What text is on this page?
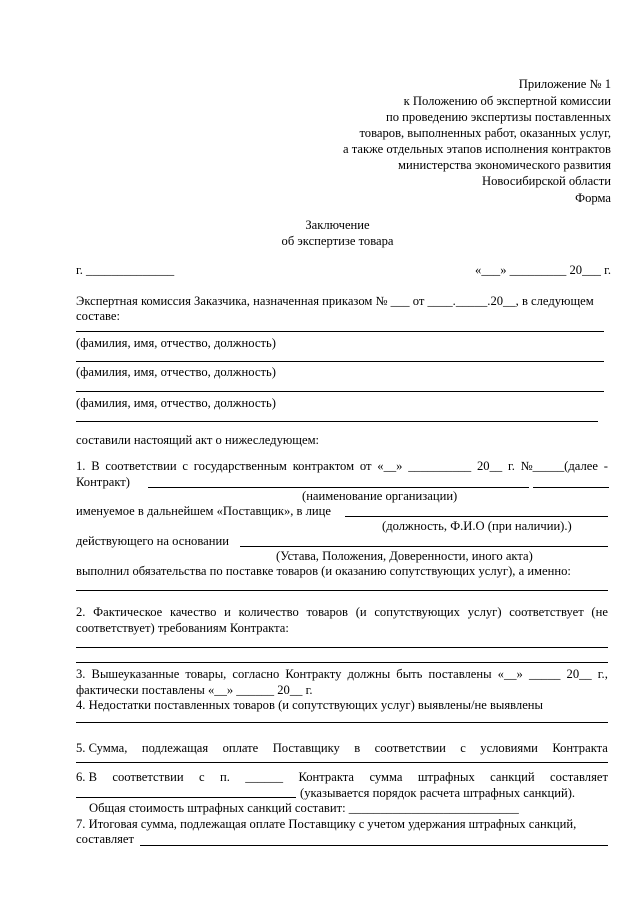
Приложение № 1
к Положению об экспертной комиссии
по проведению экспертизы поставленных
товаров, выполненных работ, оказанных услуг,
а также отдельных этапов исполнения контрактов
министерства экономического развития
Новосибирской области
Форма
Заключение
об экспертизе товара
г. ______________	«___» _________ 20___ г.
Экспертная комиссия Заказчика, назначенная приказом № ___ от ____._____.20__, в следующем
составе:
(фамилия, имя, отчество, должность)
(фамилия, имя, отчество, должность)
(фамилия, имя, отчество, должность)
составили настоящий акт о нижеследующем:
1. В соответствии с государственным контрактом от «__» __________ 20__ г. №_____(далее -
Контракт)
(наименование организации)
именуемое в дальнейшем «Поставщик», в лице
(должность, Ф.И.О (при наличии).)
действующего на основании
(Устава, Положения, Доверенности, иного акта)
выполнил обязательства по поставке товаров (и оказанию сопутствующих услуг), а именно:
2. Фактическое качество и количество товаров (и сопутствующих услуг) соответствует (не
соответствует) требованиям Контракта:
3. Вышеуказанные товары, согласно Контракту должны быть поставлены «__» _____ 20__ г.,
фактически поставлены «__» ______ 20__ г.
4. Недостатки поставленных товаров (и сопутствующих услуг) выявлены/не выявлены
5. Сумма, подлежащая оплате Поставщику в соответствии с условиями Контракта
6. В соответствии с п. ______ Контракта сумма штрафных санкций составляет
(указывается порядок расчета штрафных санкций).
Общая стоимость штрафных санкций составит: ___________________________
7. Итоговая сумма, подлежащая оплате Поставщику с учетом удержания штрафных санкций,
составляет
